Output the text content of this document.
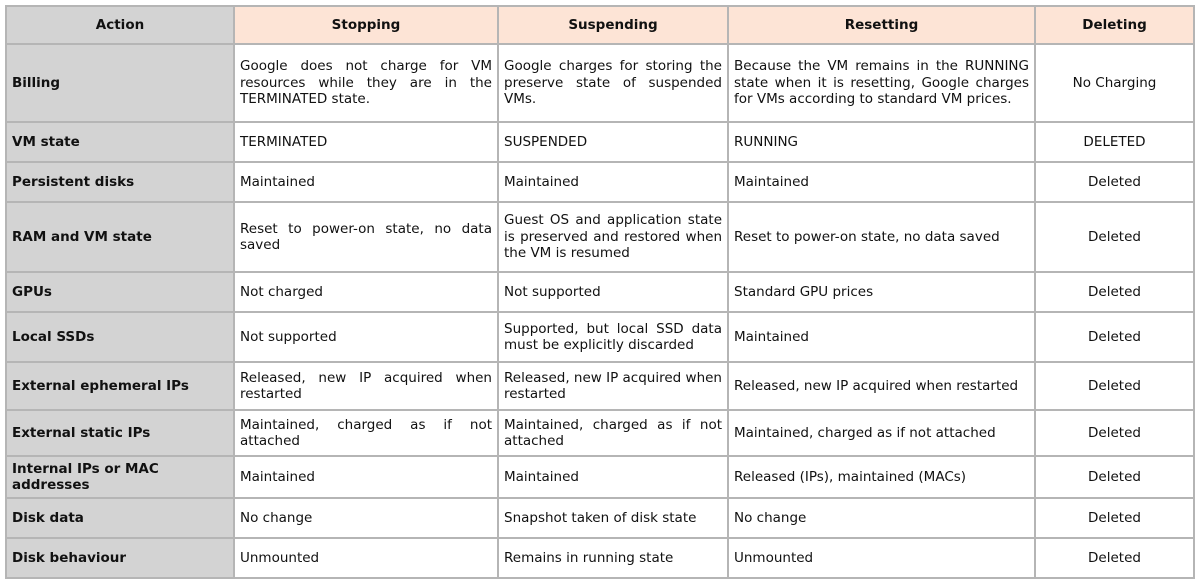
Action	Stopping	Suspending	Resetting	Deleting
Billing	Google does not charge for VM resources while they are in the TERMINATED state.	Google charges for storing the preserve state of suspended VMs.	Because the VM remains in the RUNNING state when it is resetting, Google charges for VMs according to standard VM prices.	No Charging
VM state	TERMINATED	SUSPENDED	RUNNING	DELETED
Persistent disks	Maintained	Maintained	Maintained	Deleted
RAM and VM state	Reset to power-on state, no data saved	Guest OS and application state is preserved and restored when the VM is resumed	Reset to power-on state, no data saved	Deleted
GPUs	Not charged	Not supported	Standard GPU prices	Deleted
Local SSDs	Not supported	Supported, but local SSD data must be explicitly discarded	Maintained	Deleted
External ephemeral IPs	Released, new IP acquired when restarted	Released, new IP acquired when restarted	Released, new IP acquired when restarted	Deleted
External static IPs	Maintained, charged as if not attached	Maintained, charged as if not attached	Maintained, charged as if not attached	Deleted
Internal IPs or MAC addresses	Maintained	Maintained	Released (IPs), maintained (MACs)	Deleted
Disk data	No change	Snapshot taken of disk state	No change	Deleted
Disk behaviour	Unmounted	Remains in running state	Unmounted	Deleted
